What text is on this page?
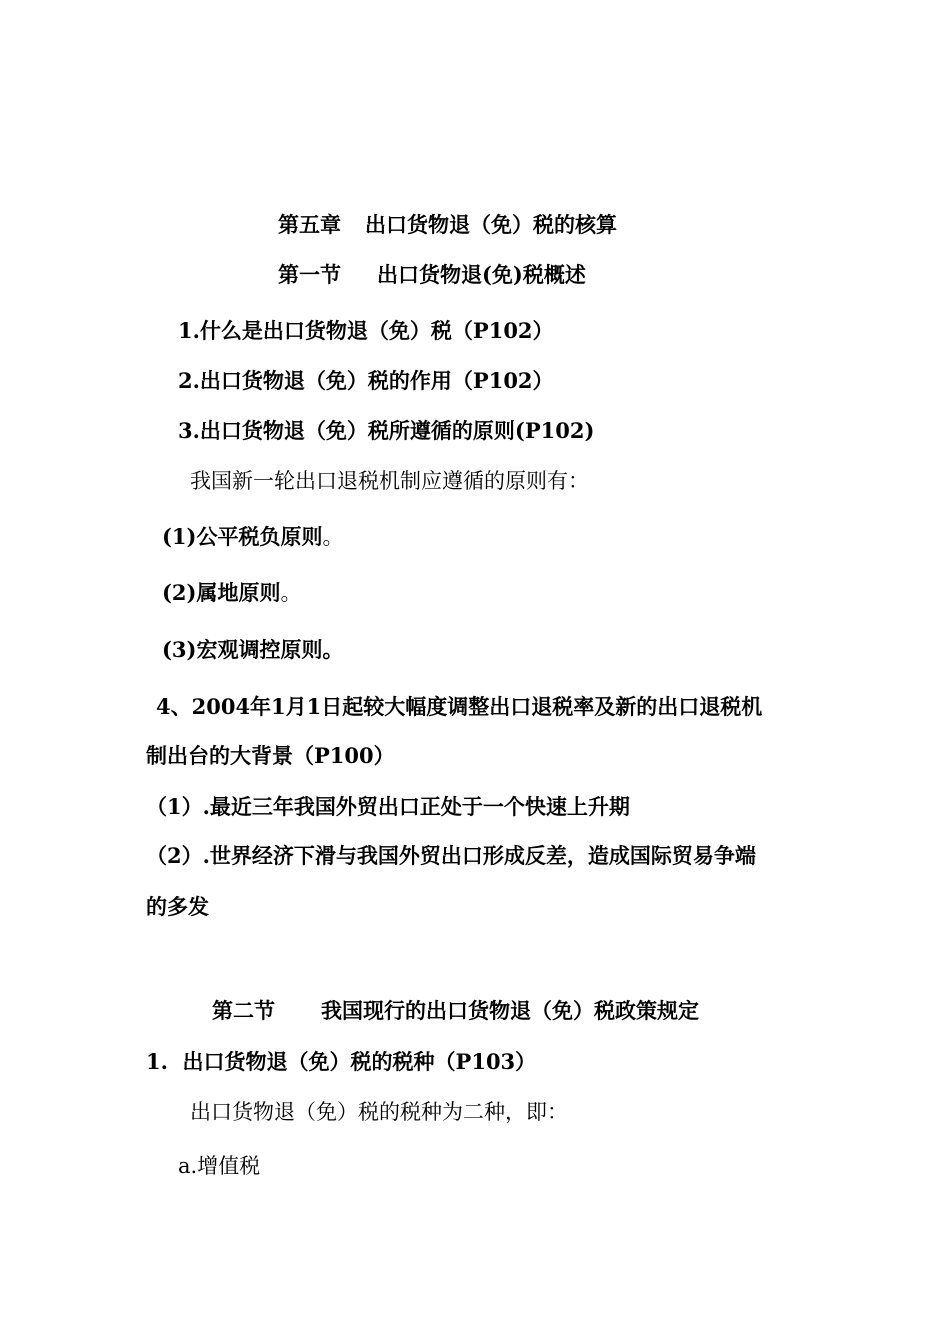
第五章 出口货物退（免）税的核算
第一节 出口货物退(免)税概述
1.什么是出口货物退（免）税（P102）
2.出口货物退（免）税的作用（P102）
3.出口货物退（免）税所遵循的原则(P102)
我国新一轮出口退税机制应遵循的原则有：
(1)公平税负原则。
(2)属地原则。
(3)宏观调控原则。
4、2004年1月1日起较大幅度调整出口退税率及新的出口退税机
制出台的大背景（P100）
（1）.最近三年我国外贸出口正处于一个快速上升期
（2）.世界经济下滑与我国外贸出口形成反差，造成国际贸易争端
的多发
第二节 我国现行的出口货物退（免）税政策规定
1.  出口货物退（免）税的税种（P103）
出口货物退（免）税的税种为二种，即：
a.增值税
